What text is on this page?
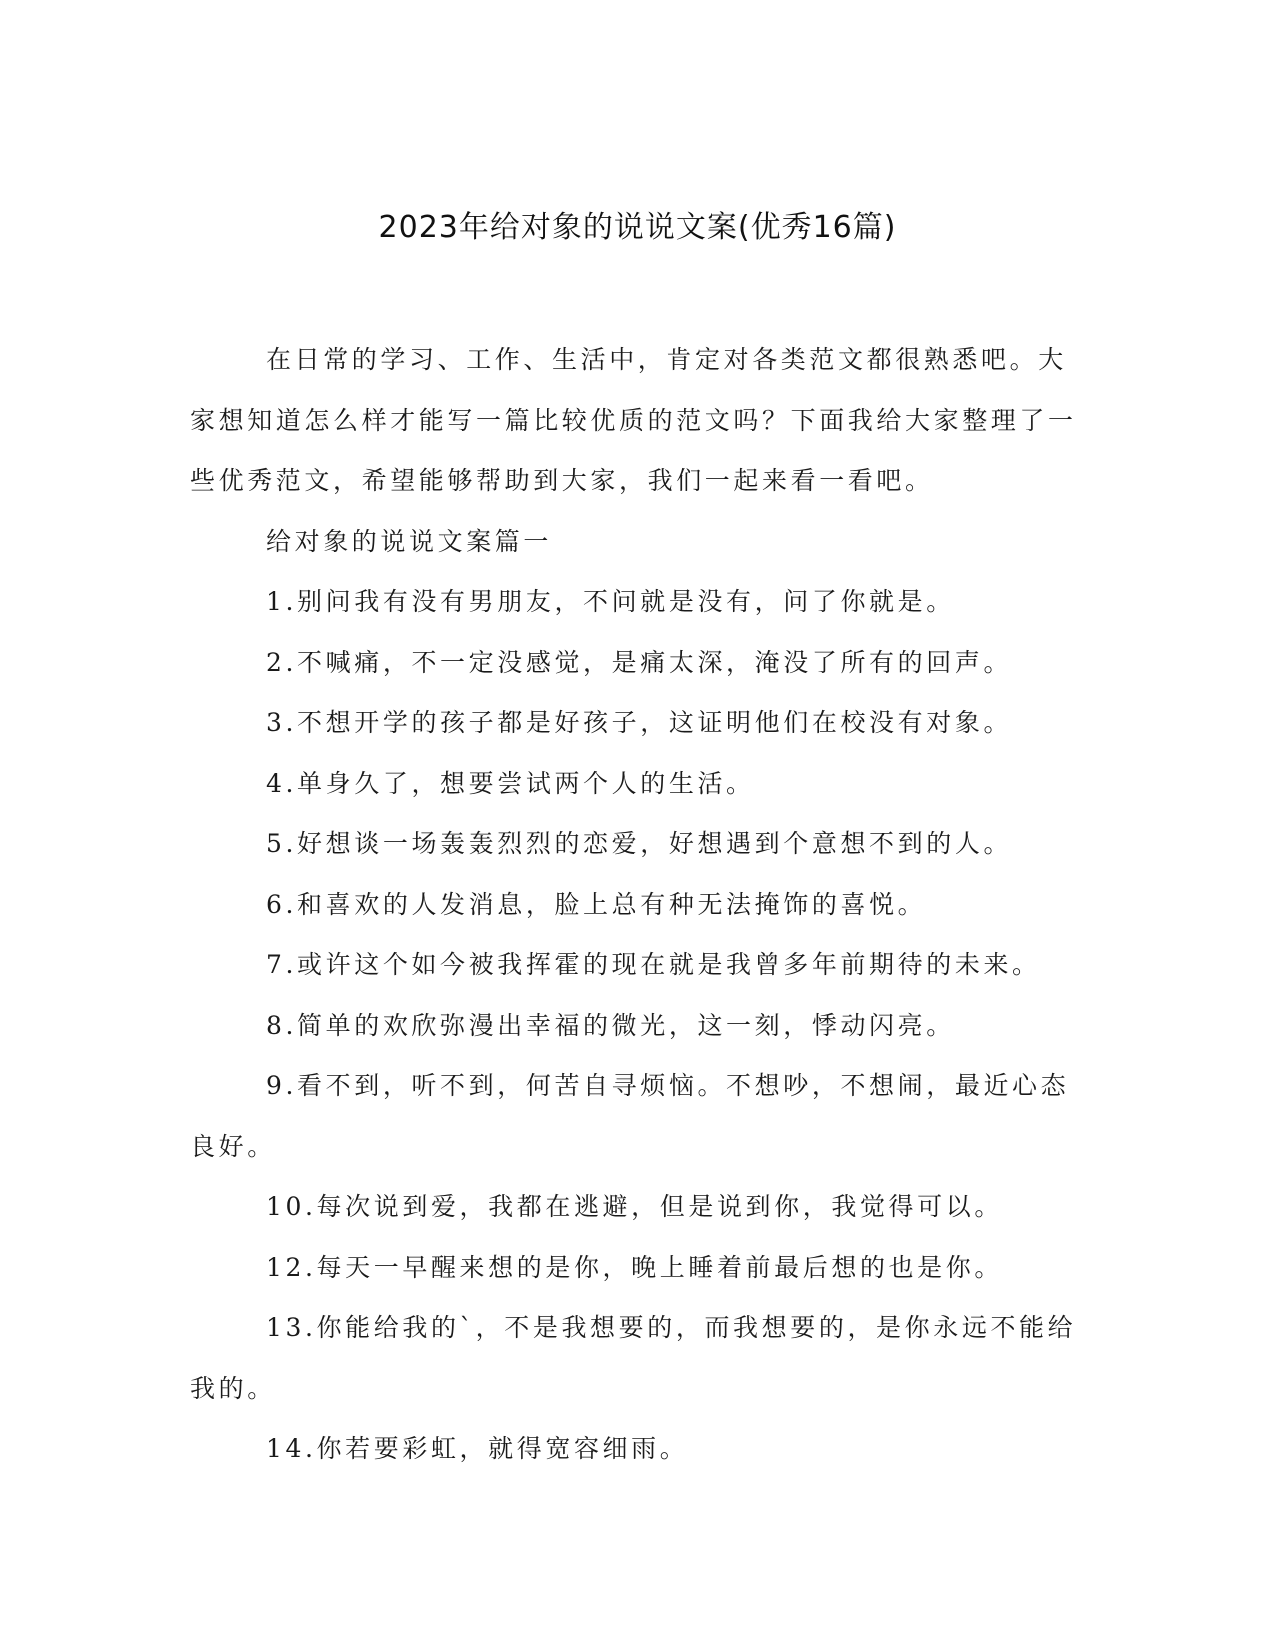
2023年给对象的说说文案(优秀16篇)

在日常的学习、工作、生活中，肯定对各类范文都很熟悉吧。大家想知道怎么样才能写一篇比较优质的范文吗？下面我给大家整理了一些优秀范文，希望能够帮助到大家，我们一起来看一看吧。

给对象的说说文案篇一

1.别问我有没有男朋友，不问就是没有，问了你就是。

2.不喊痛，不一定没感觉，是痛太深，淹没了所有的回声。

3.不想开学的孩子都是好孩子，这证明他们在校没有对象。

4.单身久了，想要尝试两个人的生活。

5.好想谈一场轰轰烈烈的恋爱，好想遇到个意想不到的人。

6.和喜欢的人发消息，脸上总有种无法掩饰的喜悦。

7.或许这个如今被我挥霍的现在就是我曾多年前期待的未来。

8.简单的欢欣弥漫出幸福的微光，这一刻，悸动闪亮。

9.看不到，听不到，何苦自寻烦恼。不想吵，不想闹，最近心态良好。

10.每次说到爱，我都在逃避，但是说到你，我觉得可以。

12.每天一早醒来想的是你，晚上睡着前最后想的也是你。

13.你能给我的`，不是我想要的，而我想要的，是你永远不能给我的。

14.你若要彩虹，就得宽容细雨。
